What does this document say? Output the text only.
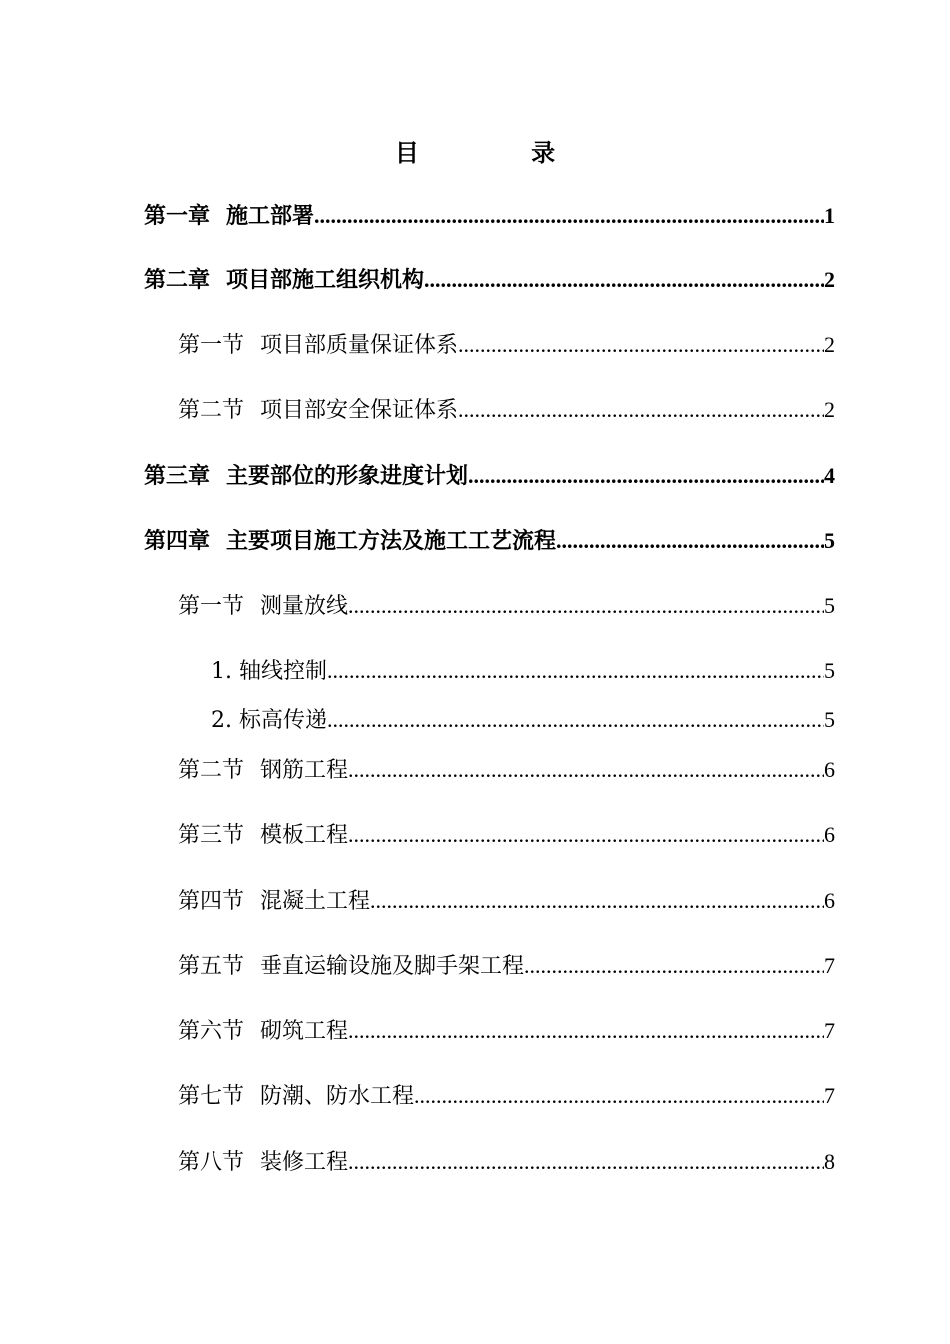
目 录
第一章 施工部署 .....	1
第二章 项目部施工组织机构 .....	2
第一节 项目部质量保证体系 .....	2
第二节 项目部安全保证体系 .....	2
第三章 主要部位的形象进度计划 .....	4
第四章 主要项目施工方法及施工工艺流程 .....	5
第一节 测量放线 .....	5
1. 轴线控制 .....	5
2. 标高传递 .....	5
第二节 钢筋工程 .....	6
第三节 模板工程 .....	6
第四节 混凝土工程 .....	6
第五节 垂直运输设施及脚手架工程 .....	7
第六节 砌筑工程 .....	7
第七节 防潮、防水工程 .....	7
第八节 装修工程 .....	8
